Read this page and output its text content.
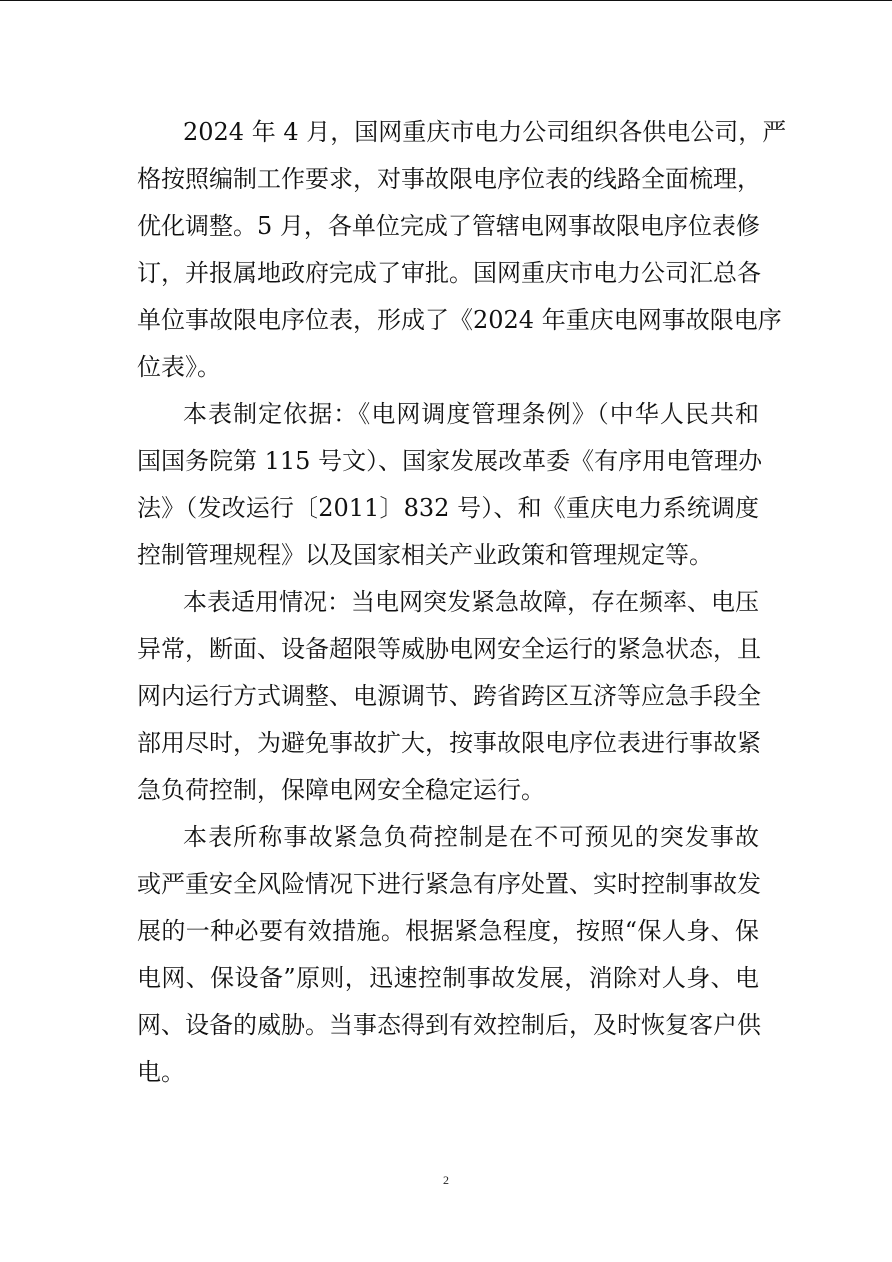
2024 年 4 月，国网重庆市电力公司组织各供电公司，严
格按照编制工作要求，对事故限电序位表的线路全面梳理，
优化调整。5 月，各单位完成了管辖电网事故限电序位表修
订，并报属地政府完成了审批。国网重庆市电力公司汇总各
单位事故限电序位表，形成了《2024 年重庆电网事故限电序
位表》。
本表制定依据：《电网调度管理条例》（中华人民共和
国国务院第 115 号文）、国家发展改革委《有序用电管理办
法》（发改运行〔2011〕832 号）、和《重庆电力系统调度
控制管理规程》以及国家相关产业政策和管理规定等。
本表适用情况：当电网突发紧急故障，存在频率、电压
异常，断面、设备超限等威胁电网安全运行的紧急状态，且
网内运行方式调整、电源调节、跨省跨区互济等应急手段全
部用尽时，为避免事故扩大，按事故限电序位表进行事故紧
急负荷控制，保障电网安全稳定运行。
本表所称事故紧急负荷控制是在不可预见的突发事故
或严重安全风险情况下进行紧急有序处置、实时控制事故发
展的一种必要有效措施。根据紧急程度，按照“保人身、保
电网、保设备”原则，迅速控制事故发展，消除对人身、电
网、设备的威胁。当事态得到有效控制后，及时恢复客户供
电。
2
